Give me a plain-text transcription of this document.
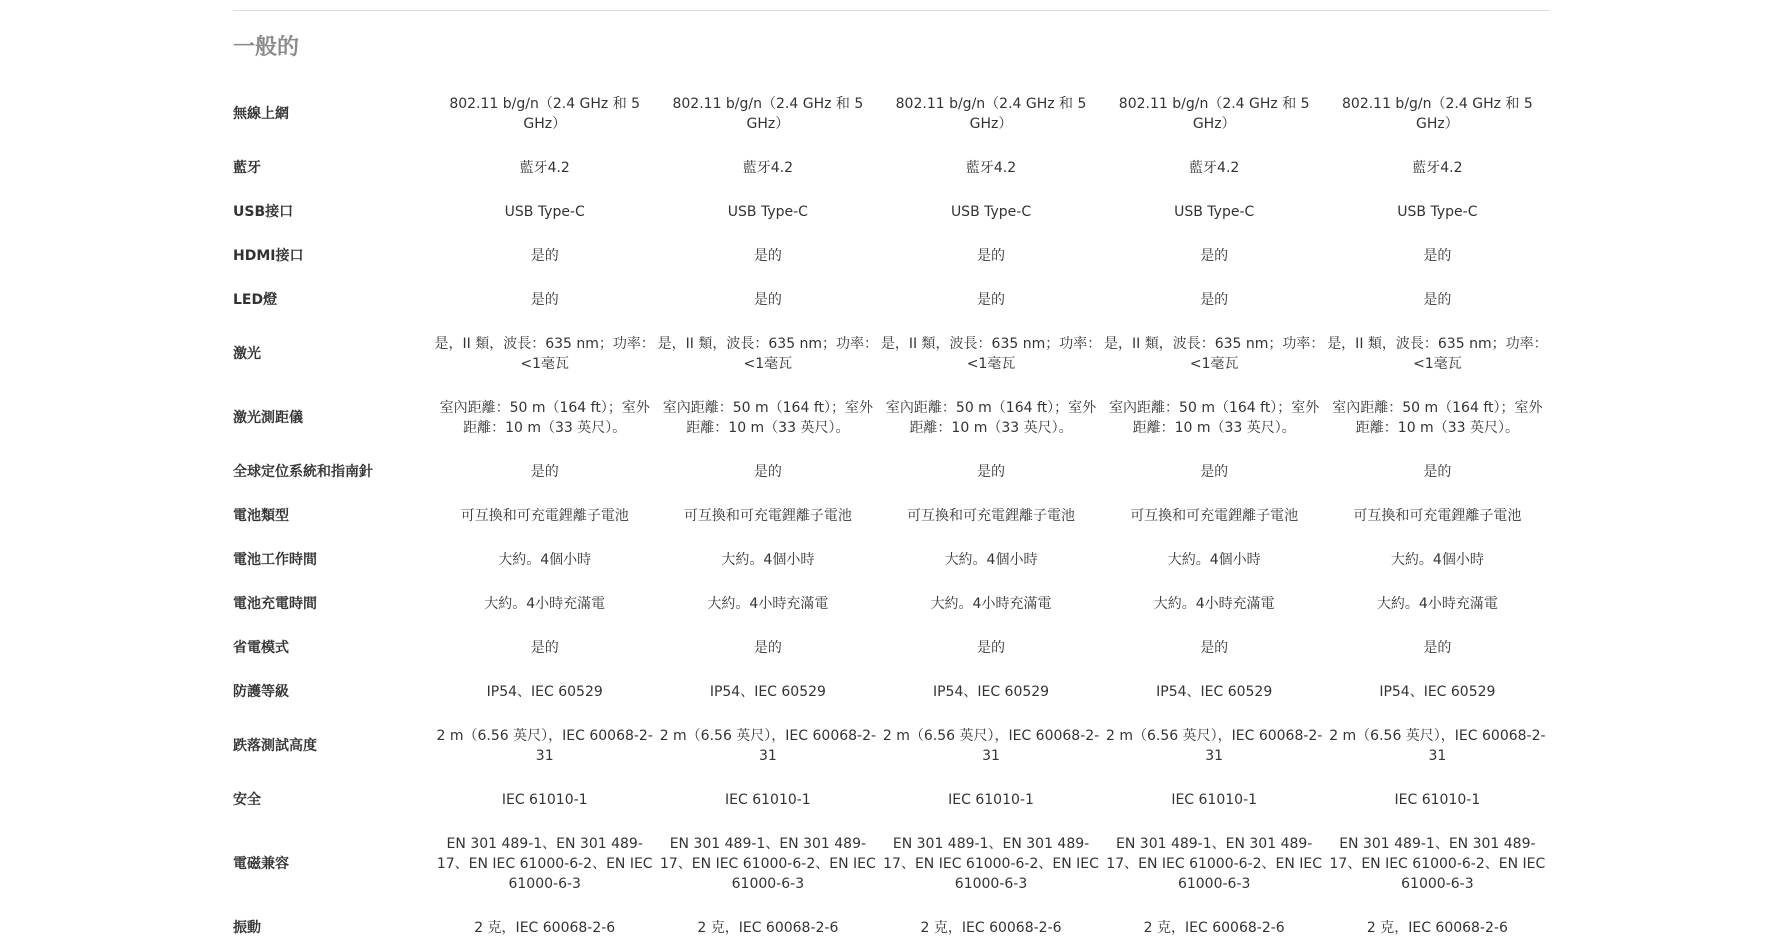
一般的
無線上網	802.11 b/g/n（2.4 GHz 和 5 GHz）	802.11 b/g/n（2.4 GHz 和 5 GHz）	802.11 b/g/n（2.4 GHz 和 5 GHz）	802.11 b/g/n（2.4 GHz 和 5 GHz）	802.11 b/g/n（2.4 GHz 和 5 GHz）
藍牙	藍牙4.2	藍牙4.2	藍牙4.2	藍牙4.2	藍牙4.2
USB接口	USB Type-C	USB Type-C	USB Type-C	USB Type-C	USB Type-C
HDMI接口	是的	是的	是的	是的	是的
LED燈	是的	是的	是的	是的	是的
激光	是，II 類，波長：635 nm；功率：<1毫瓦	是，II 類，波長：635 nm；功率：<1毫瓦	是，II 類，波長：635 nm；功率：<1毫瓦	是，II 類，波長：635 nm；功率：<1毫瓦	是，II 類，波長：635 nm；功率：<1毫瓦
激光測距儀	室內距離：50 m（164 ft）；室外距離：10 m（33 英尺）。	室內距離：50 m（164 ft）；室外距離：10 m（33 英尺）。	室內距離：50 m（164 ft）；室外距離：10 m（33 英尺）。	室內距離：50 m（164 ft）；室外距離：10 m（33 英尺）。	室內距離：50 m（164 ft）；室外距離：10 m（33 英尺）。
全球定位系統和指南針	是的	是的	是的	是的	是的
電池類型	可互換和可充電鋰離子電池	可互換和可充電鋰離子電池	可互換和可充電鋰離子電池	可互換和可充電鋰離子電池	可互換和可充電鋰離子電池
電池工作時間	大約。4個小時	大約。4個小時	大約。4個小時	大約。4個小時	大約。4個小時
電池充電時間	大約。4小時充滿電	大約。4小時充滿電	大約。4小時充滿電	大約。4小時充滿電	大約。4小時充滿電
省電模式	是的	是的	是的	是的	是的
防護等級	IP54、IEC 60529	IP54、IEC 60529	IP54、IEC 60529	IP54、IEC 60529	IP54、IEC 60529
跌落測試高度	2 m（6.56 英尺），IEC 60068-2-31	2 m（6.56 英尺），IEC 60068-2-31	2 m（6.56 英尺），IEC 60068-2-31	2 m（6.56 英尺），IEC 60068-2-31	2 m（6.56 英尺），IEC 60068-2-31
安全	IEC 61010-1	IEC 61010-1	IEC 61010-1	IEC 61010-1	IEC 61010-1
電磁兼容	EN 301 489-1、EN 301 489-17、EN IEC 61000-6-2、EN IEC 61000-6-3	EN 301 489-1、EN 301 489-17、EN IEC 61000-6-2、EN IEC 61000-6-3	EN 301 489-1、EN 301 489-17、EN IEC 61000-6-2、EN IEC 61000-6-3	EN 301 489-1、EN 301 489-17、EN IEC 61000-6-2、EN IEC 61000-6-3	EN 301 489-1、EN 301 489-17、EN IEC 61000-6-2、EN IEC 61000-6-3
振動	2 克，IEC 60068-2-6	2 克，IEC 60068-2-6	2 克，IEC 60068-2-6	2 克，IEC 60068-2-6	2 克，IEC 60068-2-6
